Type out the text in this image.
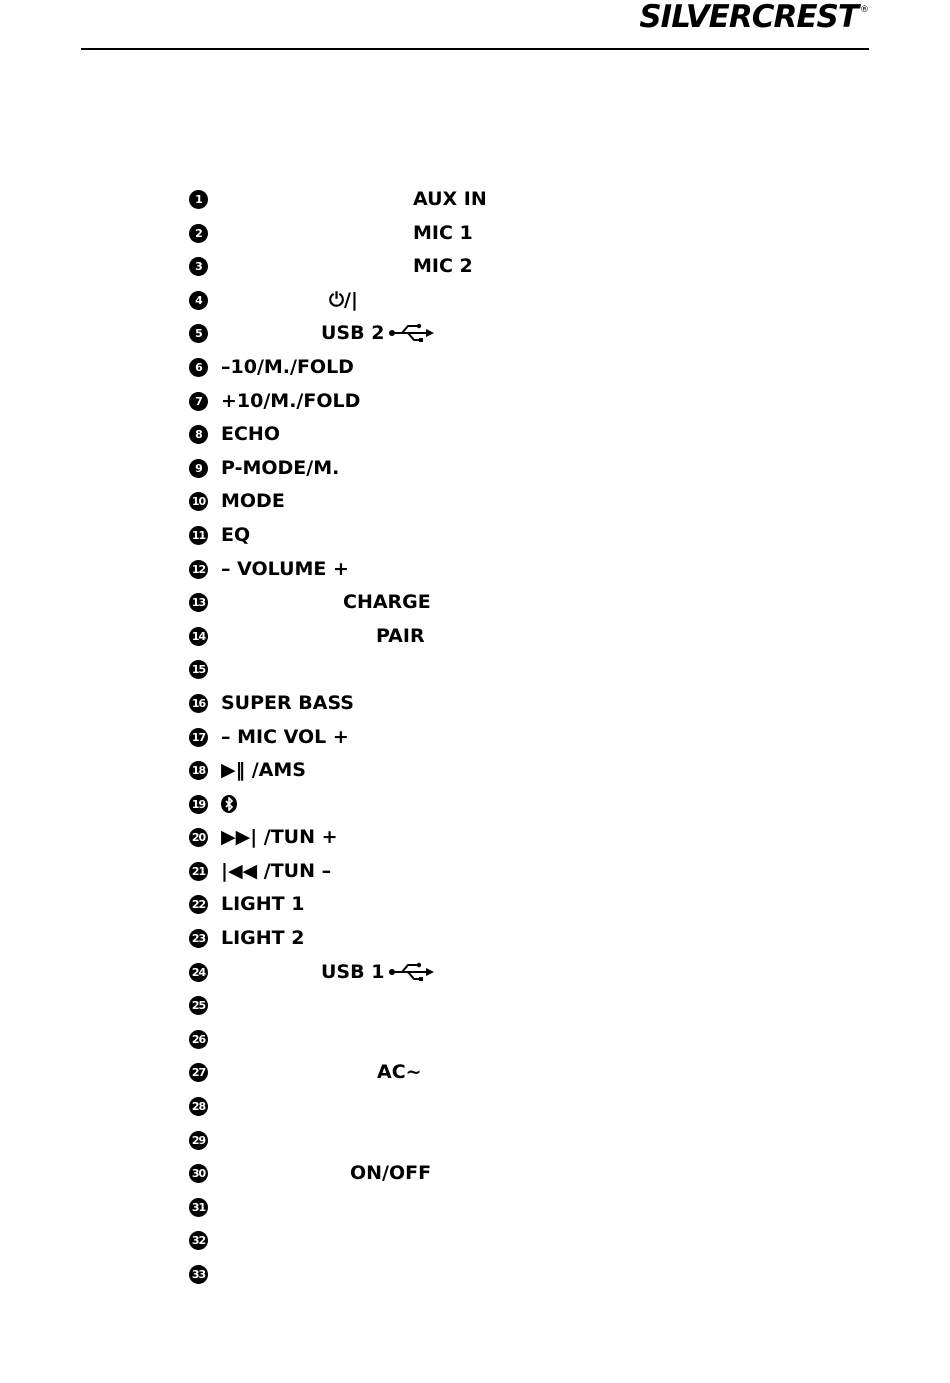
SILVERCREST ®
1	AUX IN
2	MIC 1
3	MIC 2
4	⏻/|
5	USB 2
6	–10/M./FOLD
7	+10/M./FOLD
8	ECHO
9	P-MODE/M.
10 MODE
11 EQ
12 – VOLUME +
13	CHARGE
14	PAIR
15
16 SUPER BASS
17 – MIC VOL +
18 ▶‖ /AMS
19
20 ▶▶| /TUN +
21 |◀◀ /TUN –
22 LIGHT 1
23 LIGHT 2
24	USB 1
25
26
27	AC~
28
29
30	ON/OFF
31
32
33
